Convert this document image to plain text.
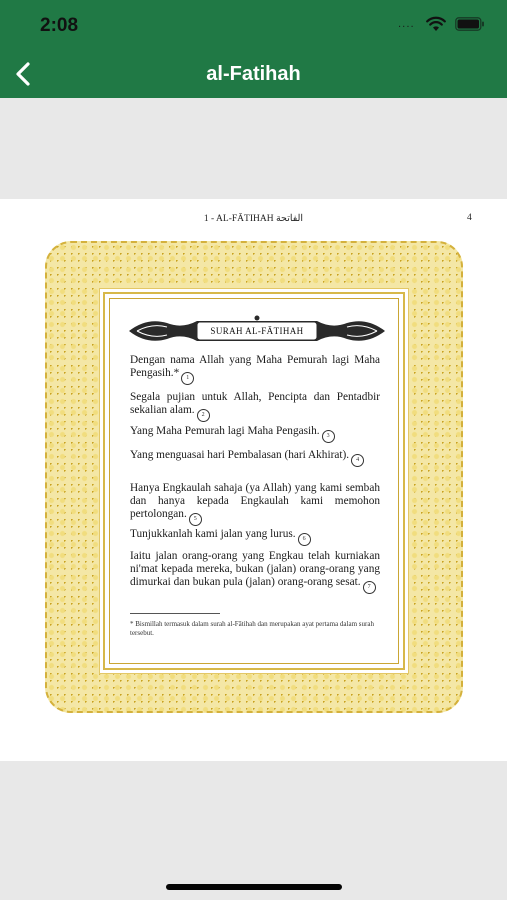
2:08	····
al-Fatihah
1 - AL-FĀTIHAH الفاتحة	4
SURAH AL-FĀTIHAH
Dengan nama Allah yang Maha Pemurah lagi Maha Pengasih.* 1
Segala pujian untuk Allah, Pencipta dan Pentadbir sekalian alam. 2
Yang Maha Pemurah lagi Maha Pengasih. 3
Yang menguasai hari Pembalasan (hari Akhirat). 4
Hanya Engkaulah sahaja (ya Allah) yang kami sembah dan hanya kepada Engkaulah kami memohon pertolongan. 5
Tunjukkanlah kami jalan yang lurus. 6
Iaitu jalan orang-orang yang Engkau telah kurniakan ni'mat kepada mereka, bukan (jalan) orang-orang yang dimurkai dan bukan pula (jalan) orang-orang sesat. 7
* Bismillah termasuk dalam surah al-Fātihah dan merupakan ayat pertama dalam surah tersebut.
